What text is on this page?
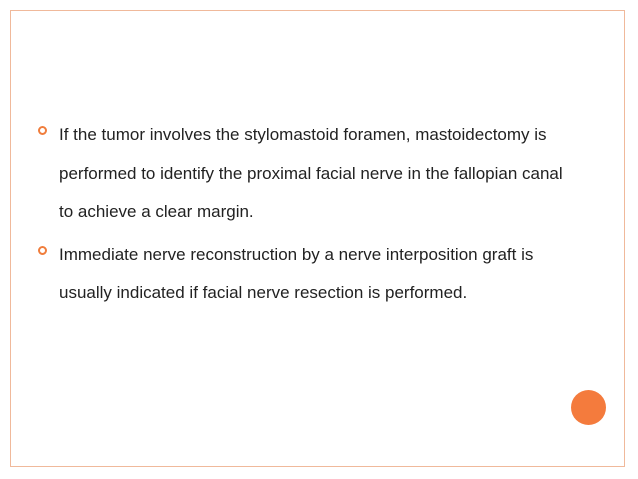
If the tumor involves the stylomastoid foramen, mastoidectomy is performed to identify the proximal facial nerve in the fallopian canal to achieve a clear margin.

Immediate nerve reconstruction by a nerve interposition graft is usually indicated if facial nerve resection is performed.
